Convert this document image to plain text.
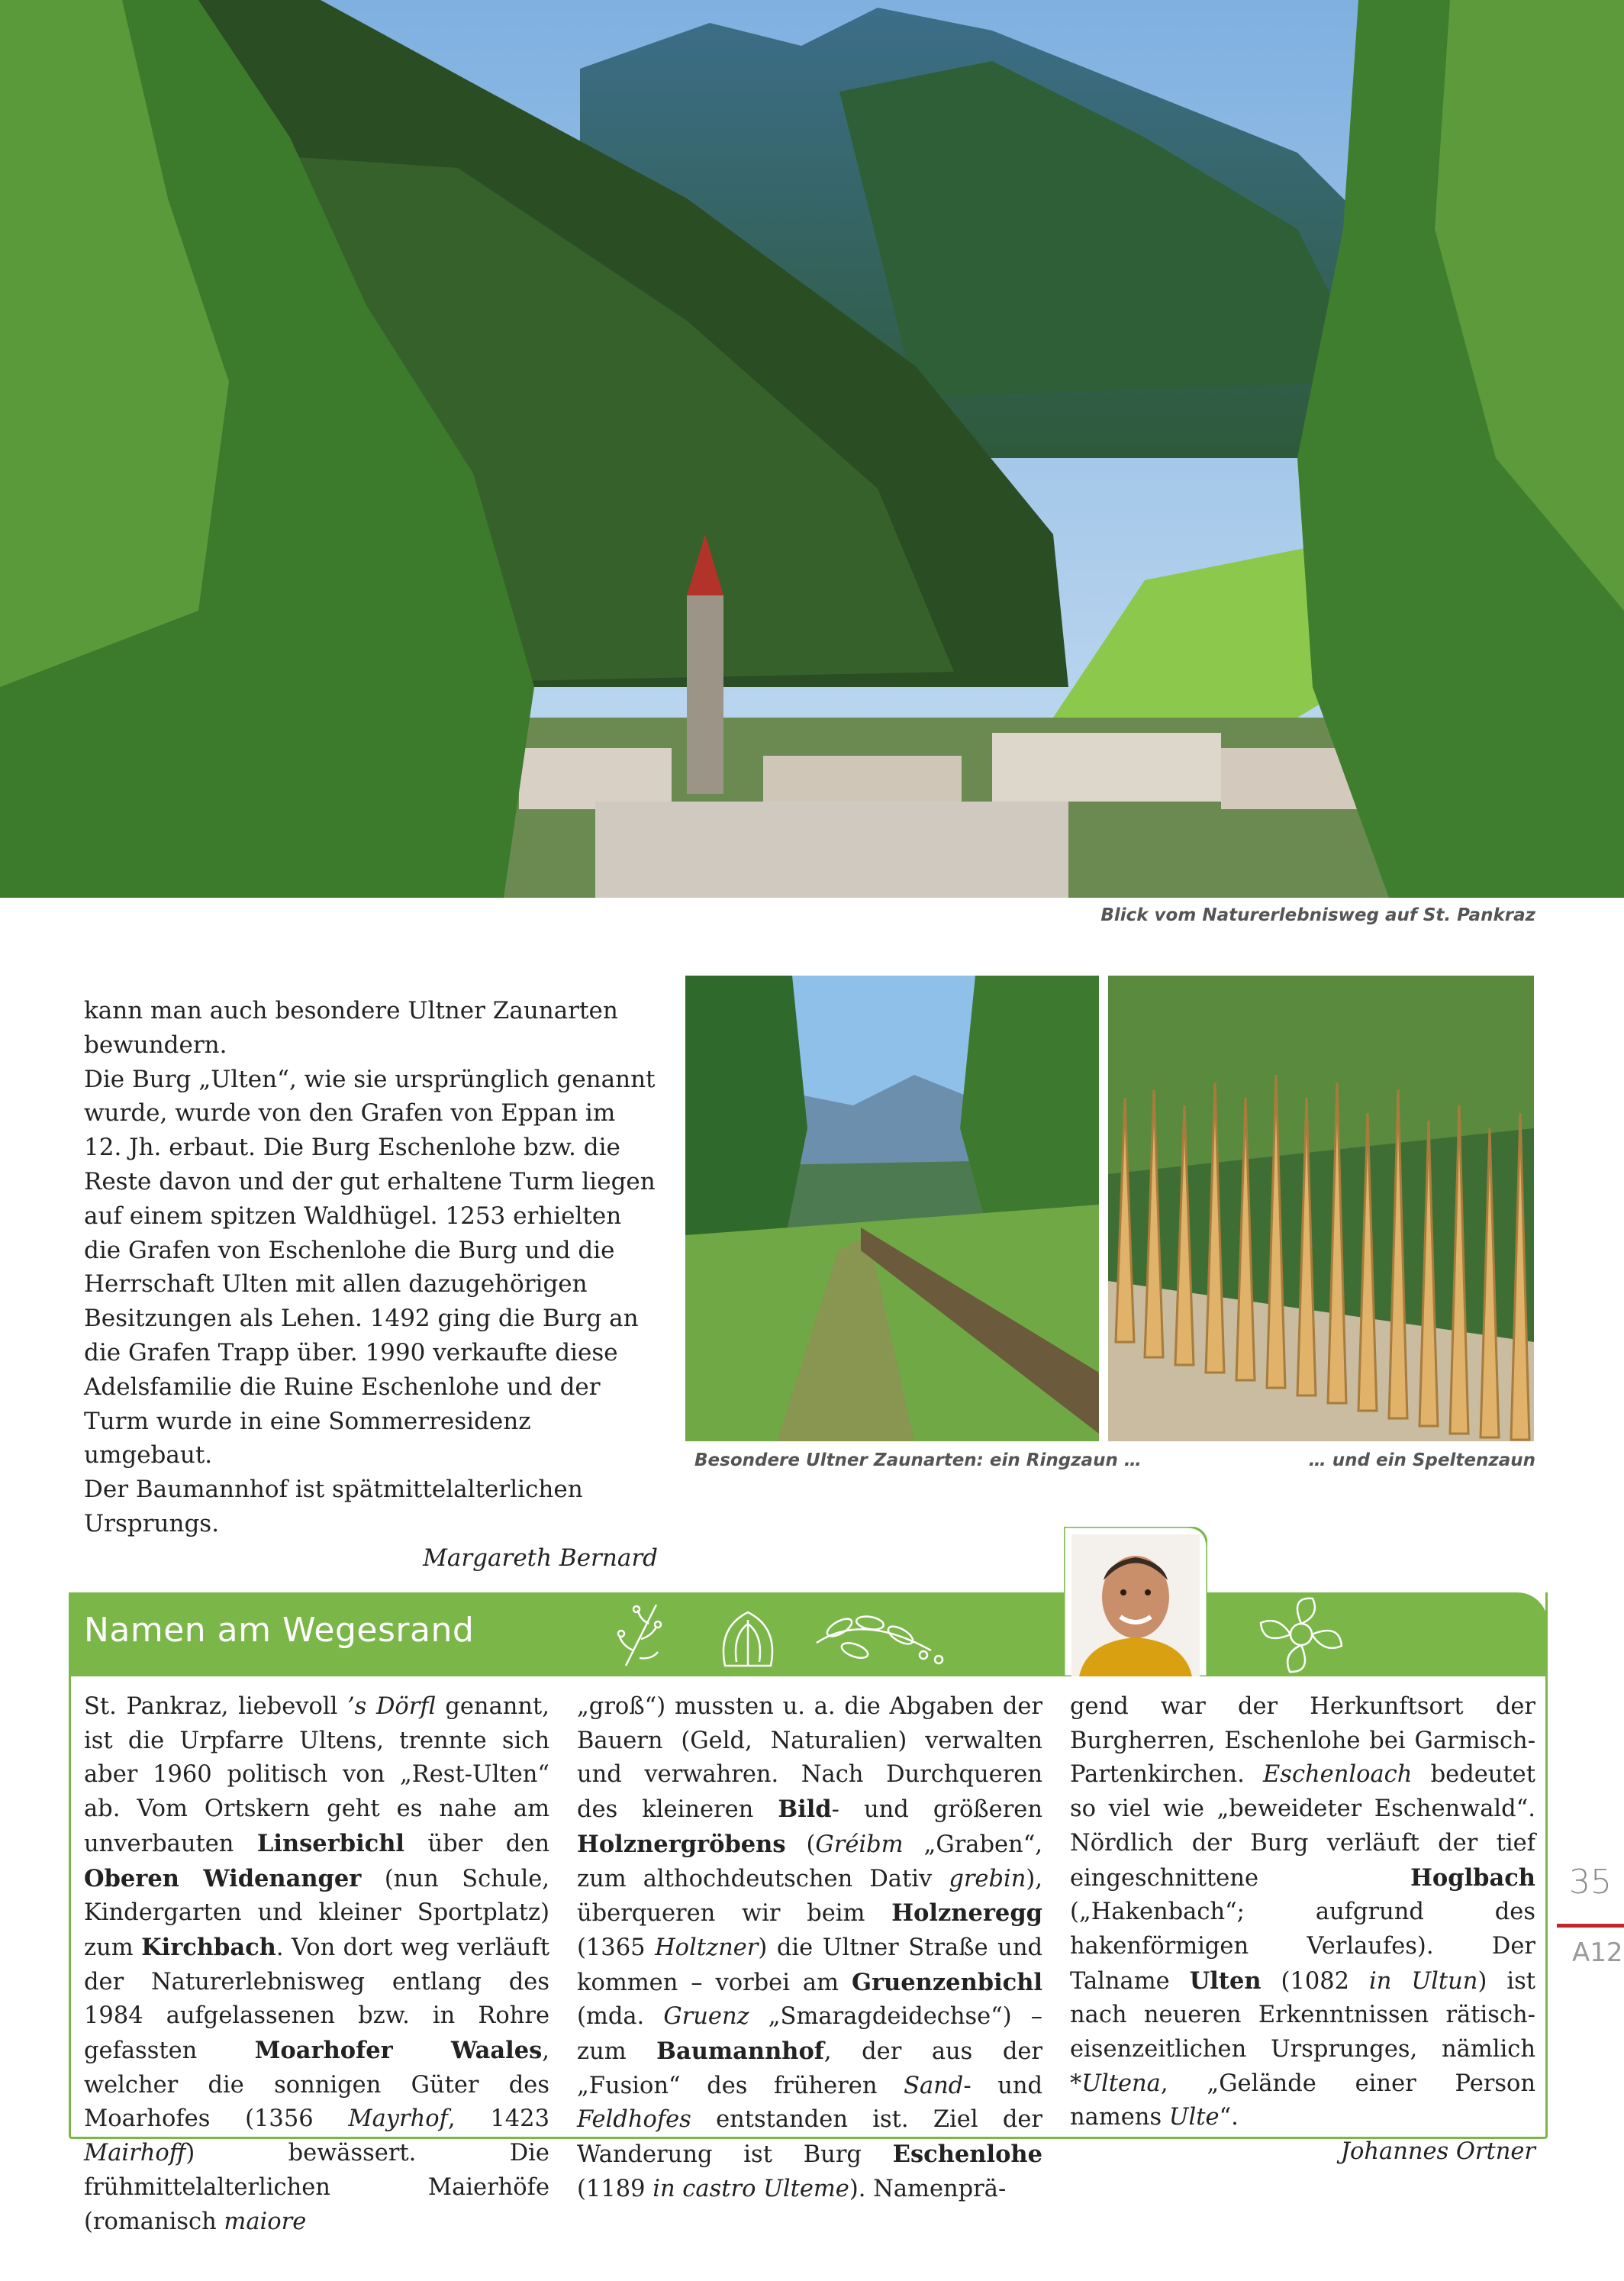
Blick vom Naturerlebnisweg auf St. Pankraz

kann man auch besondere Ultner Zaunarten bewundern.

Die Burg „Ulten“, wie sie ursprünglich genannt wurde, wurde von den Grafen von Eppan im 12. Jh. erbaut. Die Burg Eschenlohe bzw. die Reste davon und der gut erhaltene Turm liegen auf einem spitzen Waldhügel. 1253 erhielten die Grafen von Eschenlohe die Burg und die Herrschaft Ulten mit allen dazugehörigen Besitzungen als Lehen. 1492 ging die Burg an die Grafen Trapp über. 1990 verkaufte diese Adelsfamilie die Ruine Eschenlohe und der Turm wurde in eine Sommerresidenz umgebaut.

Der Baumannhof ist spätmittelalterlichen Ursprungs.

Margareth Bernard

Besondere Ultner Zaunarten: ein Ringzaun …	… und ein Speltenzaun
Namen am Wegesrand

St. Pankraz, liebevoll ’s Dörfl genannt, ist die Urpfarre Ultens, trennte sich aber 1960 politisch von „Rest-Ulten“ ab. Vom Ortskern geht es nahe am unverbauten Linserbichl über den Oberen Widenanger (nun Schule, Kindergarten und kleiner Sportplatz) zum Kirchbach. Von dort weg verläuft der Naturerlebnisweg entlang des 1984 aufgelassenen bzw. in Rohre gefassten Moarhofer Waales, welcher die sonnigen Güter des Moarhofes (1356 Mayrhof, 1423 Mairhoff) bewässert. Die frühmittelalterlichen Maierhöfe (romanisch maiore

„groß“) mussten u. a. die Abgaben der Bauern (Geld, Naturalien) verwalten und verwahren. Nach Durchqueren des kleineren Bild- und größeren Holznergröbens (Gréibm „Graben“, zum althochdeutschen Dativ grebin), überqueren wir beim Holzneregg (1365 Holtzner) die Ultner Straße und kommen – vorbei am Gruenzenbichl (mda. Gruenz „Smaragdeidechse“) – zum Baumannhof, der aus der „Fusion“ des früheren Sand- und Feldhofes entstanden ist. Ziel der Wanderung ist Burg Eschenlohe (1189 in castro Ulteme). Namenprä-

gend war der Herkunftsort der Burgherren, Eschenlohe bei Garmisch-Partenkirchen. Eschenloach bedeutet so viel wie „beweideter Eschenwald“. Nördlich der Burg verläuft der tief eingeschnittene Hoglbach („Hakenbach“; aufgrund des hakenförmigen Verlaufes). Der Talname Ulten (1082 in Ultun) ist nach neueren Erkenntnissen rätisch-eisenzeitlichen Ursprunges, nämlich *Ultena, „Gelände einer Person namens Ulte“.

Johannes Ortner

35
A12
